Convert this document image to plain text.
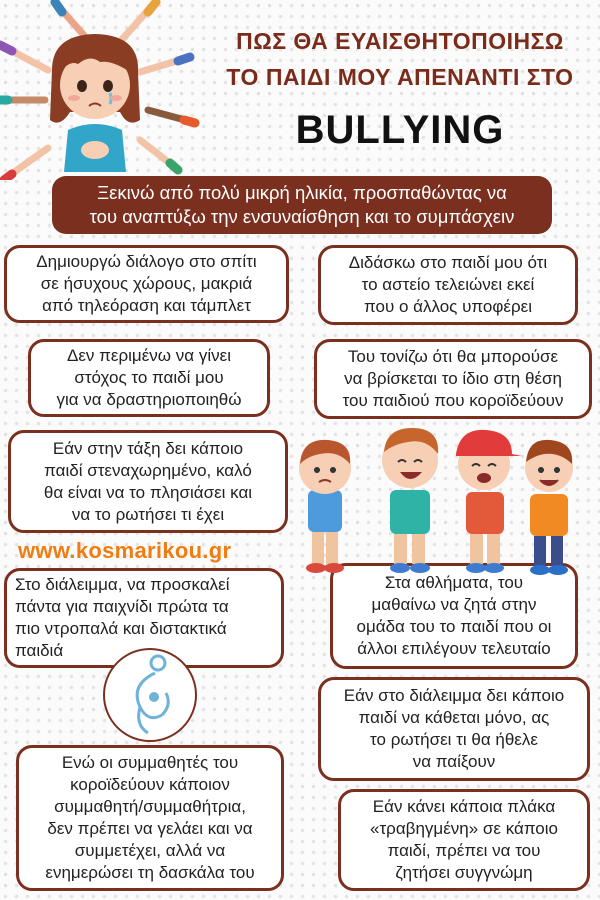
ΠΩΣ ΘΑ ΕΥΑΙΣΘΗΤΟΠΟΙΗΣΩ
ΤΟ ΠΑΙΔΙ ΜΟΥ ΑΠΕΝΑΝΤΙ ΣΤΟ
BULLYING
Ξεκινώ από πολύ μικρή ηλικία, προσπαθώντας να
του αναπτύξω την ενσυναίσθηση και το συμπάσχειν
Δημιουργώ διάλογο στο σπίτι
σε ήσυχους χώρους, μακριά
από τηλεόραση και τάμπλετ
Δεν περιμένω να γίνει
στόχος το παιδί μου
για να δραστηριοποιηθώ
Εάν στην τάξη δει κάποιο
παιδί στεναχωρημένο, καλό
θα είναι να το πλησιάσει και
να το ρωτήσει τι έχει
www.kosmarikou.gr
Στο διάλειμμα, να προσκαλεί
πάντα για παιχνίδι πρώτα τα
πιο ντροπαλά και διστακτικά
παιδιά
Ενώ οι συμμαθητές του
κοροϊδεύουν κάποιον
συμμαθητή/συμμαθήτρια,
δεν πρέπει να γελάει και να
συμμετέχει, αλλά να
ενημερώσει τη δασκάλα του
Διδάσκω στο παιδί μου ότι
το αστείο τελειώνει εκεί
που ο άλλος υποφέρει
Του τονίζω ότι θα μπορούσε
να βρίσκεται το ίδιο στη θέση
του παιδιού που κοροϊδεύουν
Στα αθλήματα, του
μαθαίνω να ζητά στην
ομάδα του το παιδί που οι
άλλοι επιλέγουν τελευταίο
Εάν στο διάλειμμα δει κάποιο
παιδί να κάθεται μόνο, ας
το ρωτήσει τι θα ήθελε
να παίξουν
Εάν κάνει κάποια πλάκα
«τραβηγμένη» σε κάποιο
παιδί, πρέπει να του
ζητήσει συγγνώμη
